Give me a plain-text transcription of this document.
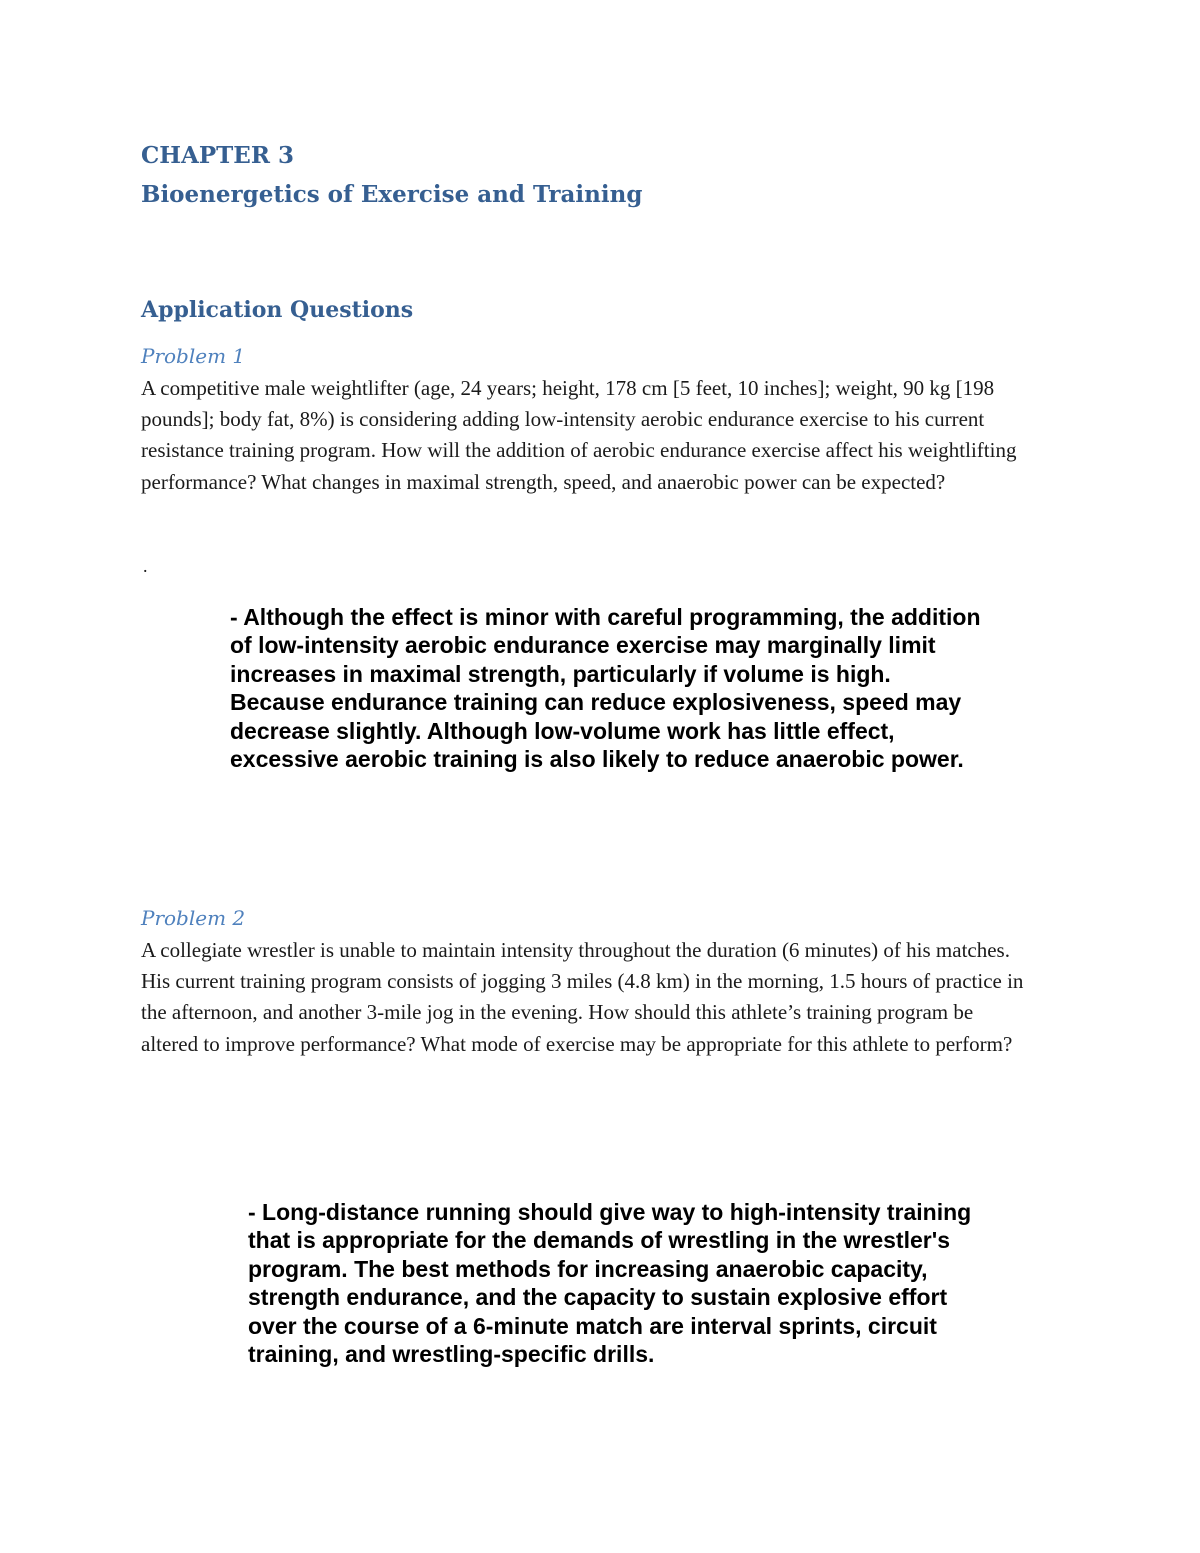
CHAPTER 3
Bioenergetics of Exercise and Training
Application Questions
Problem 1

A competitive male weightlifter (age, 24 years; height, 178 cm [5 feet, 10 inches]; weight, 90 kg [198 pounds]; body fat, 8%) is considering adding low-intensity aerobic endurance exercise to his current resistance training program. How will the addition of aerobic endurance exercise affect his weightlifting performance? What changes in maximal strength, speed, and anaerobic power can be expected?

.

- Although the effect is minor with careful programming, the addition of low-intensity aerobic endurance exercise may marginally limit increases in maximal strength, particularly if volume is high. Because endurance training can reduce explosiveness, speed may decrease slightly. Although low-volume work has little effect, excessive aerobic training is also likely to reduce anaerobic power.

Problem 2

A collegiate wrestler is unable to maintain intensity throughout the duration (6 minutes) of his matches. His current training program consists of jogging 3 miles (4.8 km) in the morning, 1.5 hours of practice in the afternoon, and another 3-mile jog in the evening. How should this athlete’s training program be altered to improve performance? What mode of exercise may be appropriate for this athlete to perform?

- Long-distance running should give way to high-intensity training that is appropriate for the demands of wrestling in the wrestler's program. The best methods for increasing anaerobic capacity, strength endurance, and the capacity to sustain explosive effort over the course of a 6-minute match are interval sprints, circuit training, and wrestling-specific drills.
